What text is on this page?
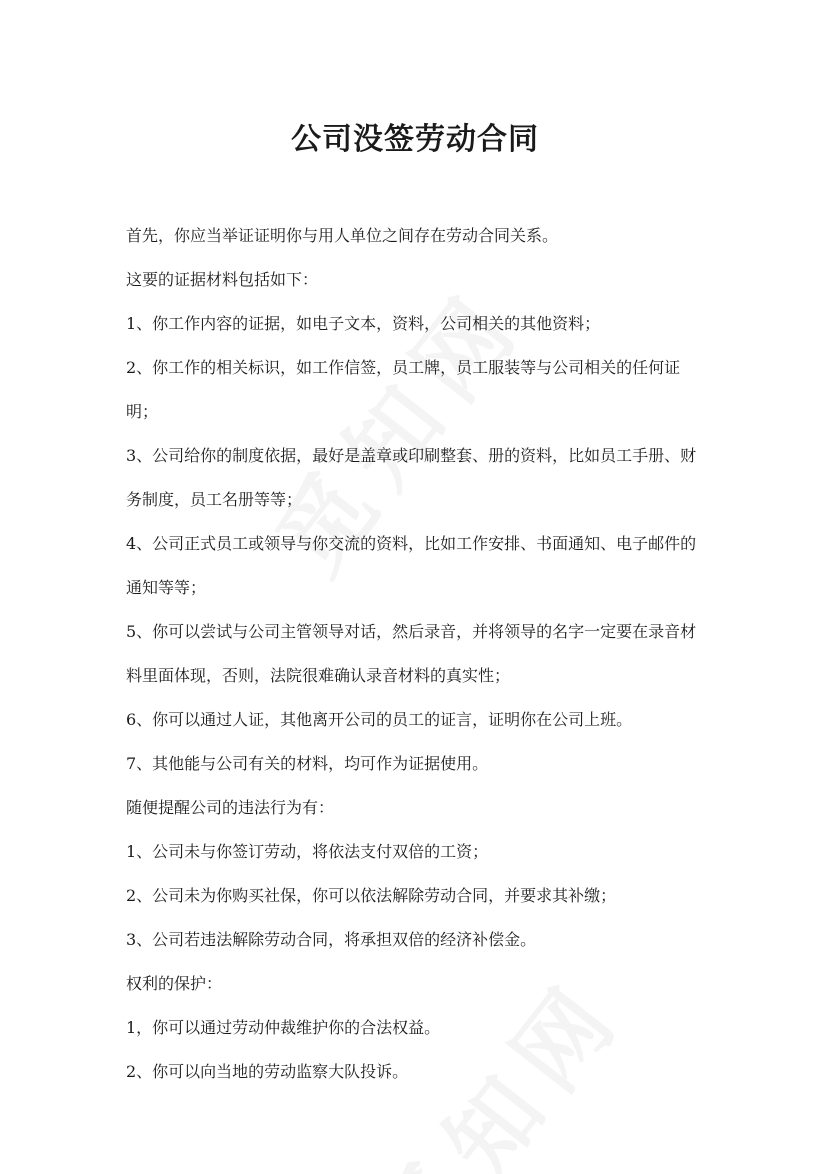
公司没签劳动合同

首先，你应当举证证明你与用人单位之间存在劳动合同关系。

这要的证据材料包括如下：

1、你工作内容的证据，如电子文本，资料，公司相关的其他资料；

2、你工作的相关标识，如工作信签，员工牌，员工服装等与公司相关的任何证明；

3、公司给你的制度依据，最好是盖章或印刷整套、册的资料，比如员工手册、财务制度，员工名册等等；

4、公司正式员工或领导与你交流的资料，比如工作安排、书面通知、电子邮件的通知等等；

5、你可以尝试与公司主管领导对话，然后录音，并将领导的名字一定要在录音材料里面体现，否则，法院很难确认录音材料的真实性；

6、你可以通过人证，其他离开公司的员工的证言，证明你在公司上班。

7、其他能与公司有关的材料，均可作为证据使用。

随便提醒公司的违法行为有：

1、公司未与你签订劳动，将依法支付双倍的工资；

2、公司未为你购买社保，你可以依法解除劳动合同，并要求其补缴；

3、公司若违法解除劳动合同，将承担双倍的经济补偿金。

权利的保护：

1，你可以通过劳动仲裁维护你的合法权益。

2、你可以向当地的劳动监察大队投诉。
